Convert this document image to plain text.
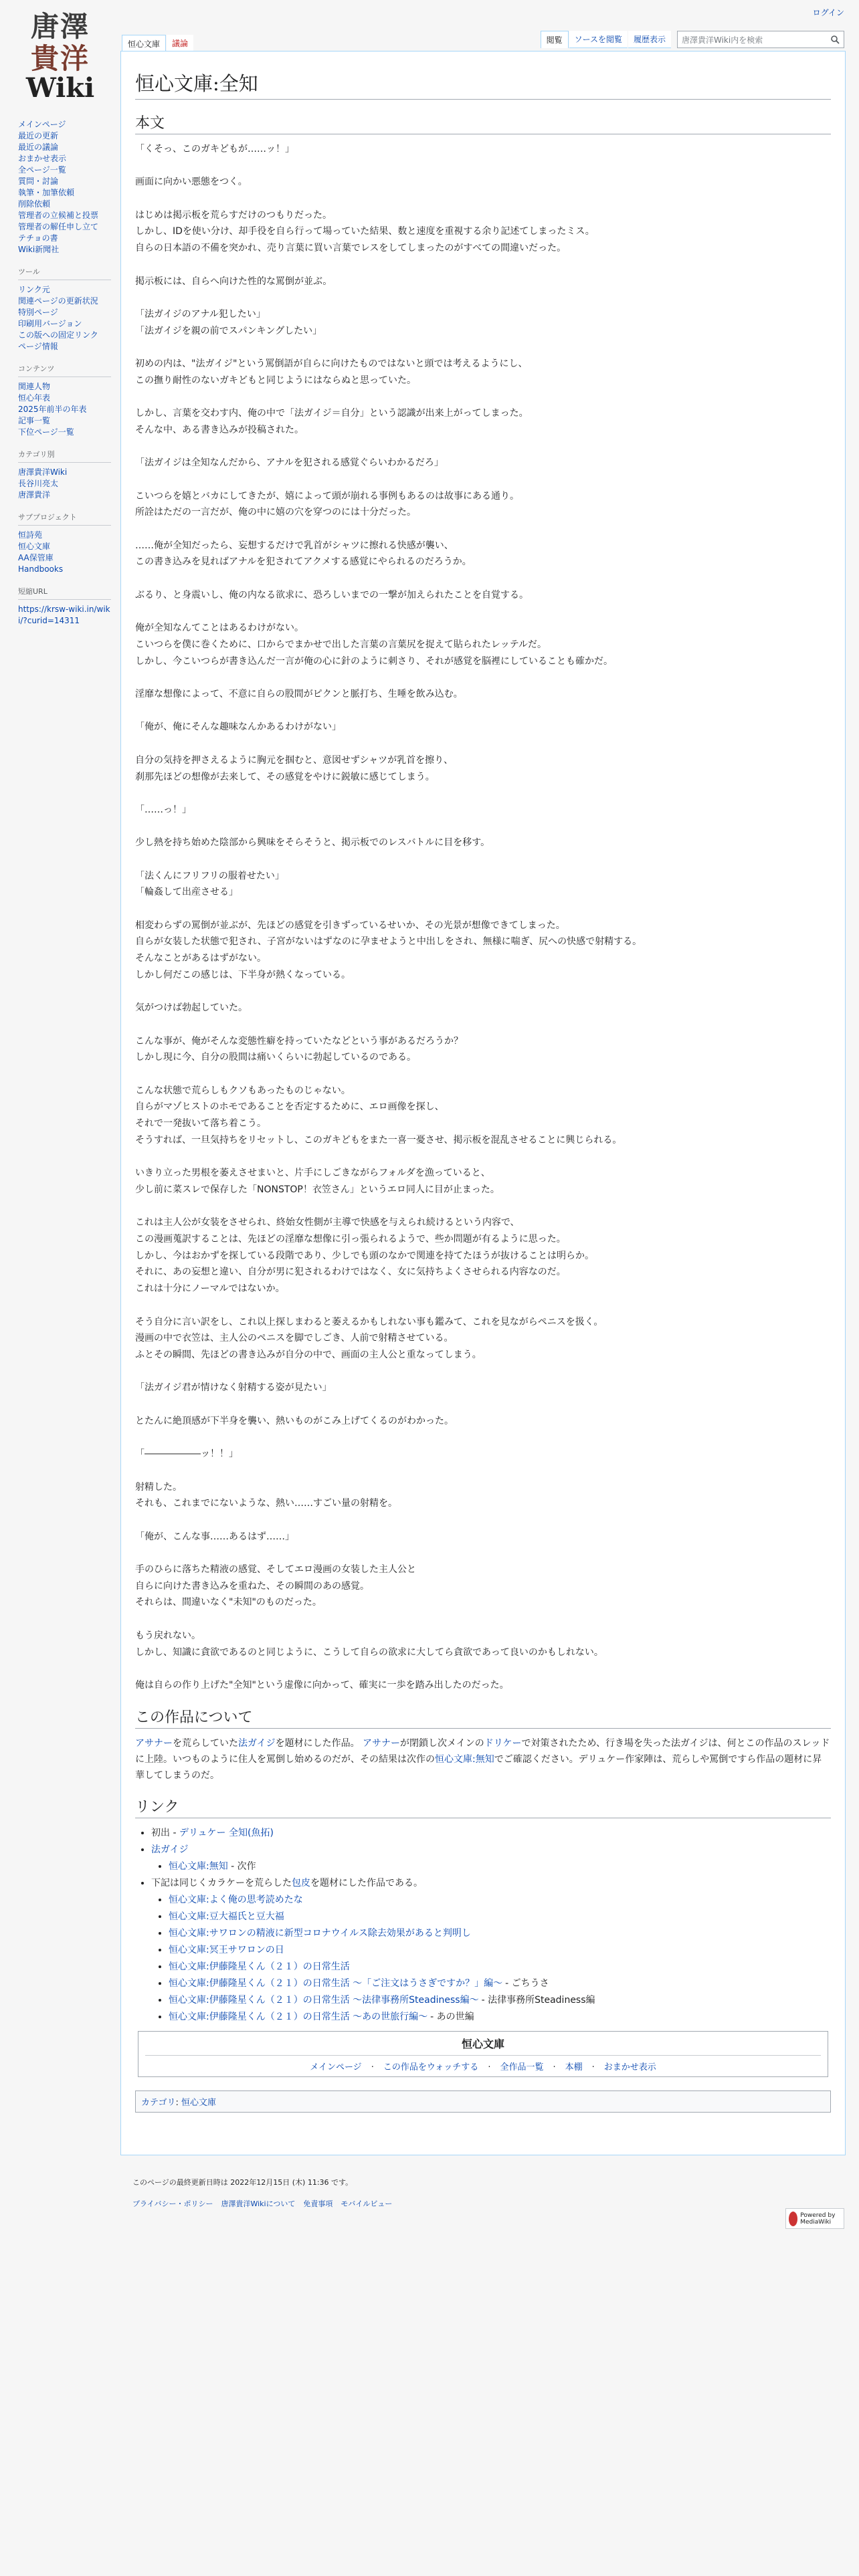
ログイン
唐澤
貴洋
Wiki
メインページ
最近の更新
最近の議論
おまかせ表示
全ページ一覧
質問・討論
執筆・加筆依頼
削除依頼
管理者の立候補と投票
管理者の解任申し立て
テチョの書
Wiki新聞社
ツール
リンク元
関連ページの更新状況
特別ページ
印刷用バージョン
この版への固定リンク
ページ情報
コンテンツ
関連人物
恒心年表
2025年前半の年表
記事一覧
下位ページ一覧
カテゴリ別
唐澤貴洋Wiki
長谷川亮太
唐澤貴洋
サブプロジェクト
恒詩苑
恒心文庫
AA保管庫
Handbooks
短縮URL
https://krsw-wiki.in/wiki/?curid=14311
恒心文庫	議論	閲覧	ソースを閲覧	履歴表示	唐澤貴洋Wiki内を検索
恒心文庫:全知
本文

「くそっ、このガキどもが……ッ！」

画面に向かい悪態をつく。

はじめは掲示板を荒らすだけのつもりだった。

しかし、IDを使い分け、却手役を自ら行って場っていた結果、数と速度を重視する余り記述てしまったミス。

自らの日本語の不備を突かれ、売り言葉に買い言葉でレスをしてしまったのがすべての間違いだった。

掲示板には、自らへ向けた性的な罵倒が並ぶ。

「法ガイジのアナル犯したい」

「法ガイジを親の前でスパンキングしたい」

初めの内は、"法ガイジ"という罵倒語が自らに向けたものではないと頭では考えるようにし、

この撫り耐性のないガキどもと同じようにはならぬと思っていた。

しかし、言葉を交わす内、俺の中で「法ガイジ＝自分」という認識が出来上がってしまった。

そんな中、ある書き込みが投稿された。

「法ガイジは全知なんだから、アナルを犯される感覚ぐらいわかるだろ」

こいつらを嬉とバカにしてきたが、嬉によって頭が崩れる事例もあるのは故事にある通り。

所詮はただの一言だが、俺の中に嬉の穴を穿つのには十分だった。

……俺が全知だったら、妄想するだけで乳首がシャツに擦れる快感が襲い、

この書き込みを見ればアナルを犯されてアクメする感覚にやられるのだろうか。

ぶるり、と身震いし、俺の内なる欲求に、恐ろしいまでの一撃が加えられたことを自覚する。

俺が全知なんてことはあるわけがない。

こいつらを僕に巻くために、口からでまかせで出した言葉の言葉尻を捉えて貼られたレッテルだ。

しかし、今こいつらが書き込んだ一言が俺の心に針のように刺さり、それが感覚を脳裡にしていることも確かだ。

淫靡な想像によって、不意に自らの股間がピクンと脈打ち、生唾を飲み込む。

「俺が、俺にそんな趣味なんかあるわけがない」

自分の気持を押さえるように胸元を掴むと、意図せずシャツが乳首を擦り、

刹那先ほどの想像が去来して、その感覚をやけに鋭敏に感じてしまう。

「……っ！」

少し熱を持ち始めた陰部から興味をそらそうと、掲示板でのレスバトルに目を移す。

「法くんにフリフリの服着せたい」

「輪姦して出産させる」

相変わらずの罵倒が並ぶが、先ほどの感覚を引きずっているせいか、その光景が想像できてしまった。

自らが女装した状態で犯され、子宮がないはずなのに孕ませようと中出しをされ、無様に喘ぎ、尻への快感で射精する。

そんなことがあるはずがない。

しかし何だこの感じは、下半身が熱くなっている。

気がつけば勃起していた。

こんな事が、俺がそんな変態性癖を持っていたなどという事があるだろうか？

しかし現に今、自分の股間は痛いくらいに勃起しているのである。

こんな状態で荒らしもクソもあったものじゃない。

自らがマゾヒストのホモであることを否定するために、エロ画像を探し、

それで一発抜いて落ち着こう。

そうすれば、一旦気持ちをリセットし、このガキどもをまた一喜一憂させ、掲示板を混乱させることに興じられる。

いきり立った男根を萎えさせまいと、片手にしごきながらフォルダを漁っていると、

少し前に菜スレで保存した「NONSTOP！衣笠さん」というエロ同人に目が止まった。

これは主人公が女装をさせられ、終始女性側が主導で快感を与えられ続けるという内容で、

この漫画蒐訳することは、先ほどの淫靡な想像に引っ張られるようで、些か問題が有るように思った。

しかし、今はおかずを探している段階であり、少しでも頭のなかで関連を持てたほうが抜けることは明らか。

それに、あの妄想と違い、自分が男に犯されるわけではなく、女に気持ちよくさせられる内容なのだ。

これは十分にノーマルではないか。

そう自分に言い訳をし、これ以上探しまわると萎えるかもしれない事も鑑みて、これを見ながらペニスを扱く。

漫画の中で衣笠は、主人公のペニスを脚でしごき、人前で射精させている。

ふとその瞬間、先ほどの書き込みが自分の中で、画面の主人公と重なってしまう。

「法ガイジ君が情けなく射精する姿が見たい」

とたんに絶頂感が下半身を襲い、熱いものがこみ上げてくるのがわかった。

「――――――ッ！！」

射精した。

それも、これまでにないような、熱い……すごい量の射精を。

「俺が、こんな事……あるはず……」

手のひらに落ちた精液の感覚、そしてエロ漫画の女装した主人公と

自らに向けた書き込みを重ねた、その瞬間のあの感覚。

それらは、間違いなく"未知"のものだった。

もう戻れない。

しかし、知識に貪欲であるのと同じように、こうして自らの欲求に大してら貪欲であって良いのかもしれない。

俺は自らの作り上げた"全知"という虚像に向かって、確実に一歩を踏み出したのだった。

この作品について
アサナーを荒らしていた法ガイジを題材にした作品。 アサナーが閉鎖し次メインのドリケーで対策されたため、行き場を失った法ガイジは、何とこの作品のスレッドに上陸。いつものように住人を罵倒し始めるのだが、その結果は次作の恒心文庫:無知でご確認ください。デリュケー作家陣は、荒らしや罵倒ですら作品の題材に昇華してしまうのだ。
リンク
• 初出 - デリュケー 全知(魚拓)
• 法ガイジ
• 恒心文庫:無知 - 次作
• 下記は同じくカラケーを荒らした包皮を題材にした作品である。
• 恒心文庫:よく俺の思考読めたな
• 恒心文庫:豆大福氏と豆大福
• 恒心文庫:サワロンの精液に新型コロナウイルス除去効果があると判明し
• 恒心文庫:冥王サワロンの日
• 恒心文庫:伊藤隆星くん（２１）の日常生活
• 恒心文庫:伊藤隆星くん（２１）の日常生活 〜「ご注文はうさぎですか？」編〜 - ごちうさ
• 恒心文庫:伊藤隆星くん（２１）の日常生活 〜法律事務所Steadiness編〜 - 法律事務所Steadiness編
• 恒心文庫:伊藤隆星くん（２１）の日常生活 〜あの世旅行編〜 - あの世編
恒心文庫
メインページ · この作品をウォッチする · 全作品一覧 · 本棚 · おまかせ表示
カテゴリ: 恒心文庫
このページの最終更新日時は 2022年12月15日 (木) 11:36 です。
プライバシー・ポリシー 唐澤貴洋Wikiについて 免責事項 モバイルビュー
Powered by MediaWiki
